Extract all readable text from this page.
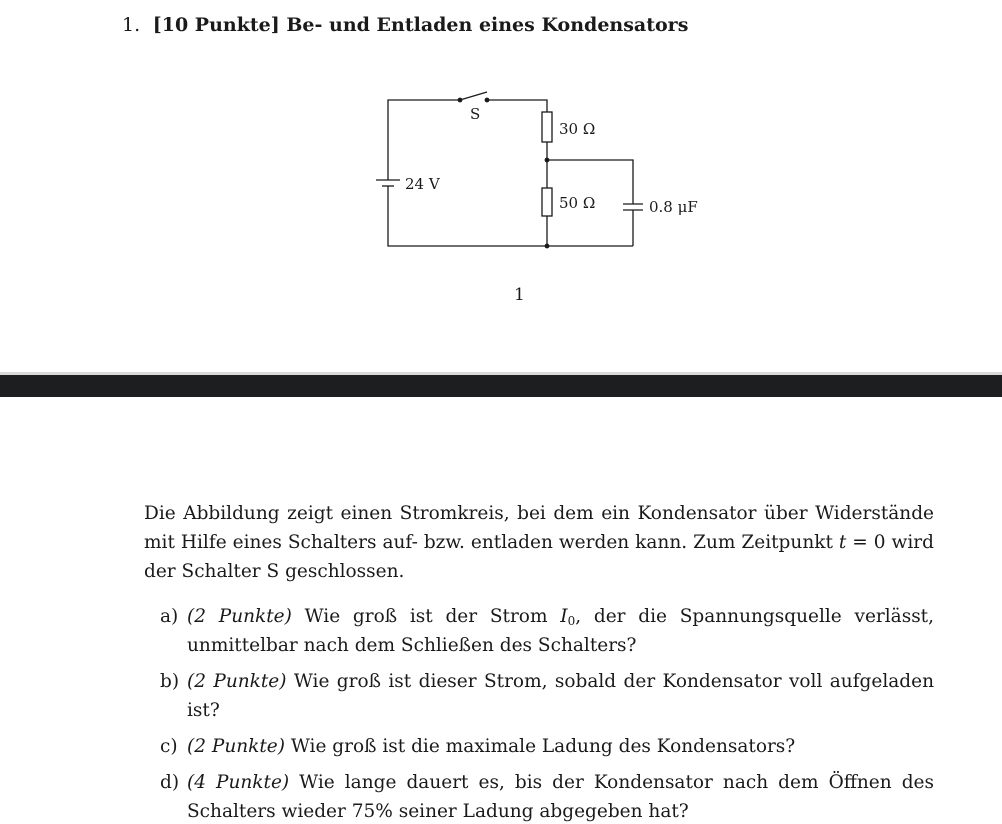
1. [10 Punkte] Be- und Entladen eines Kondensators
S
24 V
30 Ω
50 Ω	0.8 μF
1
Die Abbildung zeigt einen Stromkreis, bei dem ein Kondensator über Widerstände mit Hilfe eines Schalters auf- bzw. entladen werden kann. Zum Zeitpunkt t = 0 wird der Schalter S geschlossen.
a) (2 Punkte) Wie groß ist der Strom $I_0$, der die Spannungsquelle verlässt, unmittelbar nach dem Schließen des Schalters?
b) (2 Punkte) Wie groß ist dieser Strom, sobald der Kondensator voll aufgeladen ist?
c) (2 Punkte) Wie groß ist die maximale Ladung des Kondensators?
d) (4 Punkte) Wie lange dauert es, bis der Kondensator nach dem Öffnen des Schalters wieder 75% seiner Ladung abgegeben hat?
